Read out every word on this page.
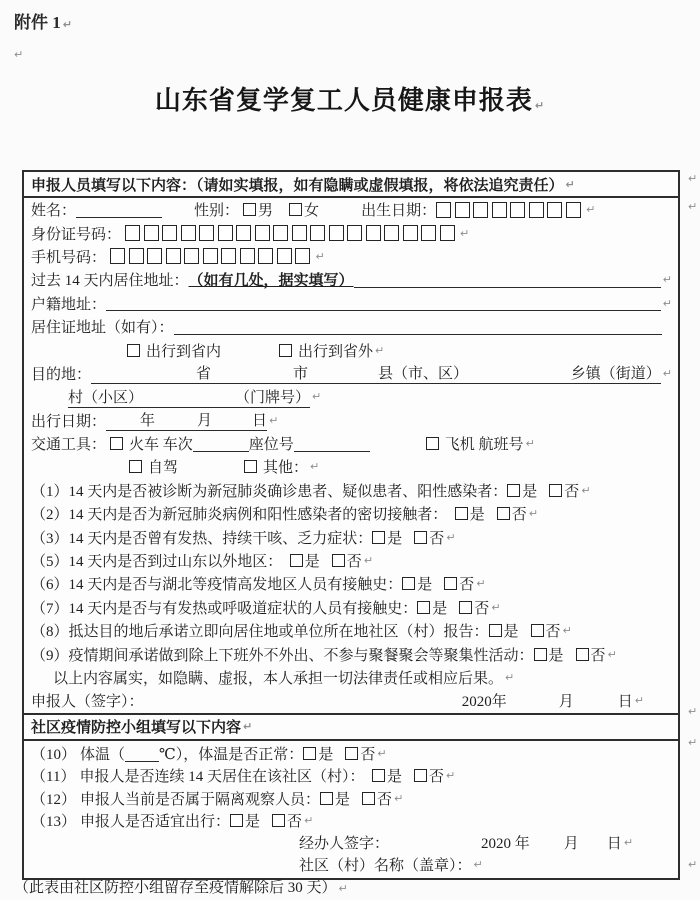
附件 1 ↵
↵
山东省复学复工人员健康申报表 ↵
↵
↵
↵
↵
↵
申报人员填写以下内容：（请如实填报，如有隐瞒或虚假填报，将依法追究责任） ↵
姓名：	性别： 男 女	出生日期：	↵
身份证号码：	↵
手机号码：	↵
过去 14 天内居住地址： （如有几处，据实填写）	↵
户籍地址：	↵
居住证地址（如有）：
出行到省内	出行到省外 ↵
目的地：	省	市	县（市、区）	乡镇（街道） ↵
村（小区）	（门牌号） ↵
出行日期： 年	月	日 ↵
交通工具： 火车 车次	座位号	飞机 航班号 ↵
自驾	其他： ↵
（1） 14 天内是否被诊断为新冠肺炎确诊患者、疑似患者、阳性感染者： 是 否 ↵
（2） 14 天内是否为新冠肺炎病例和阳性感染者的密切接触者：　 是 否 ↵
（3） 14 天内是否曾有发热、持续干咳、乏力症状： 是 否 ↵
（5） 14 天内是否到过山东以外地区：　 是 否 ↵
（6） 14 天内是否与湖北等疫情高发地区人员有接触史： 是 否 ↵
（7） 14 天内是否与有发热或呼吸道症状的人员有接触史： 是 否 ↵
（8） 抵达目的地后承诺立即向居住地或单位所在地社区（村）报告： 是 否 ↵
（9） 疫情期间承诺做到除上下班外不外出、不参与聚餐聚会等聚集性活动： 是 否 ↵
以上内容属实，如隐瞒、虚报，本人承担一切法律责任或相应后果。 ↵
申报人（签字）：	2020年	月	日 ↵
社区疫情防控小组填写以下内容 ↵
（10） 体温（ ℃），体温是否正常： 是 否 ↵
（11） 申报人是否连续 14 天居住在该社区（村）：　 是 否 ↵
（12） 申报人当前是否属于隔离观察人员： 是 否 ↵
（13） 申报人是否适宜出行： 是 否 ↵
经办人签字：	2020 年 月 日 ↵
社区（村）名称（盖章）： ↵
（此表由社区防控小组留存至疫情解除后 30 天） ↵
